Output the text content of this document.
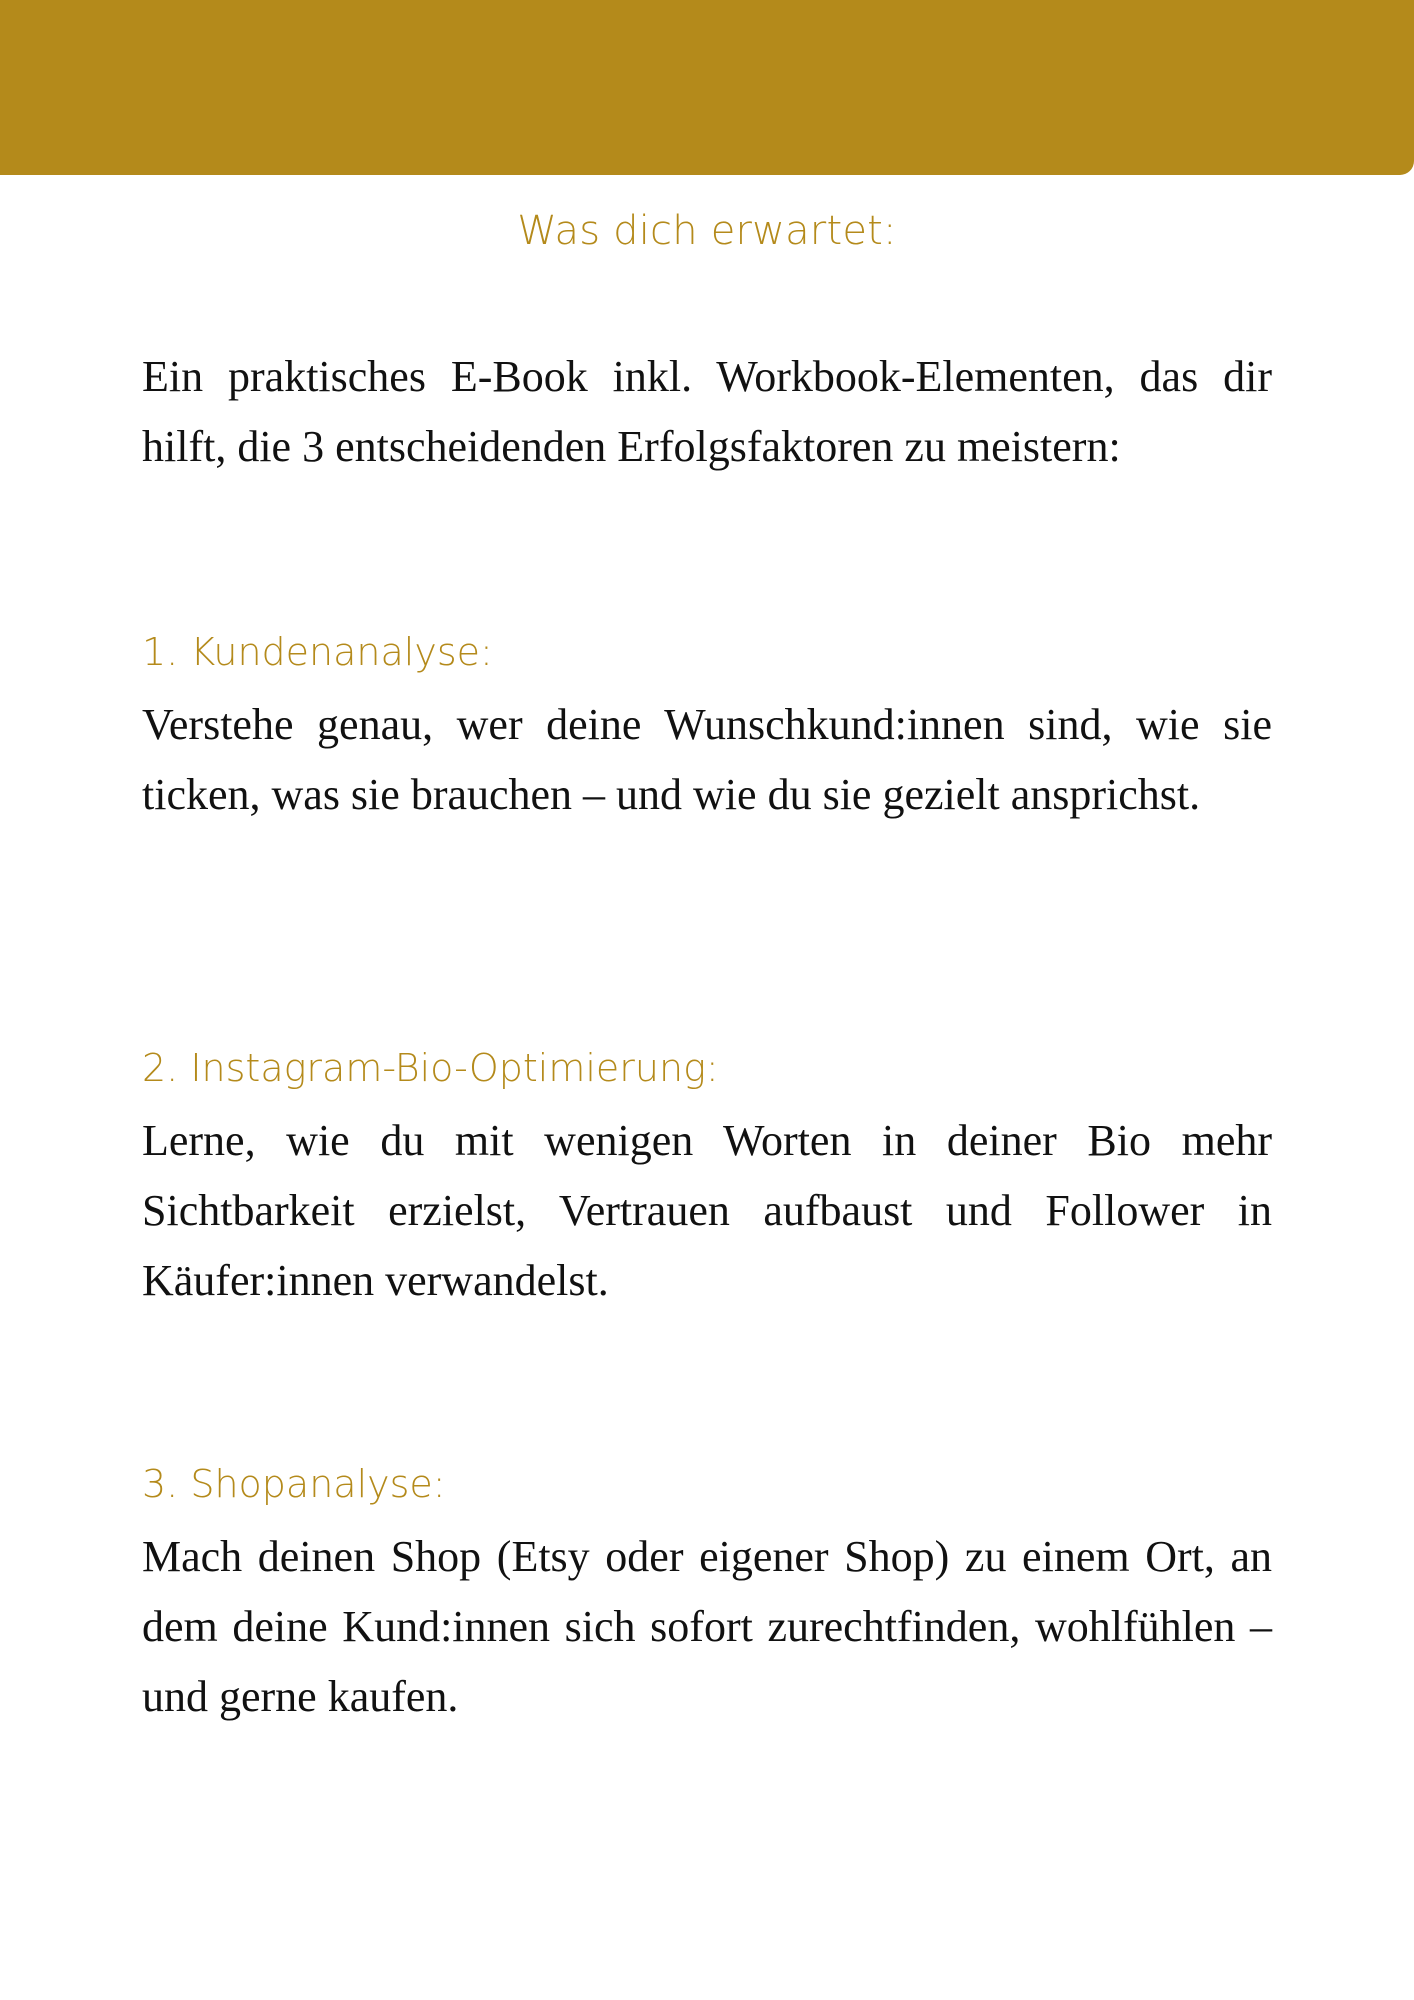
Was dich erwartet:

Ein praktisches E-Book inkl. Workbook-Elementen, das dir hilft, die 3 entscheidenden Erfolgsfaktoren zu meistern:

1. Kundenanalyse:

Verstehe genau, wer deine Wunschkund:innen sind, wie sie ticken, was sie brauchen – und wie du sie gezielt ansprichst.

2. Instagram-Bio-Optimierung:

Lerne, wie du mit wenigen Worten in deiner Bio mehr Sichtbarkeit erzielst, Vertrauen aufbaust und Follower in Käufer:innen verwandelst.

3. Shopanalyse:

Mach deinen Shop (Etsy oder eigener Shop) zu einem Ort, an dem deine Kund:innen sich sofort zurechtfinden, wohlfühlen – und gerne kaufen.
